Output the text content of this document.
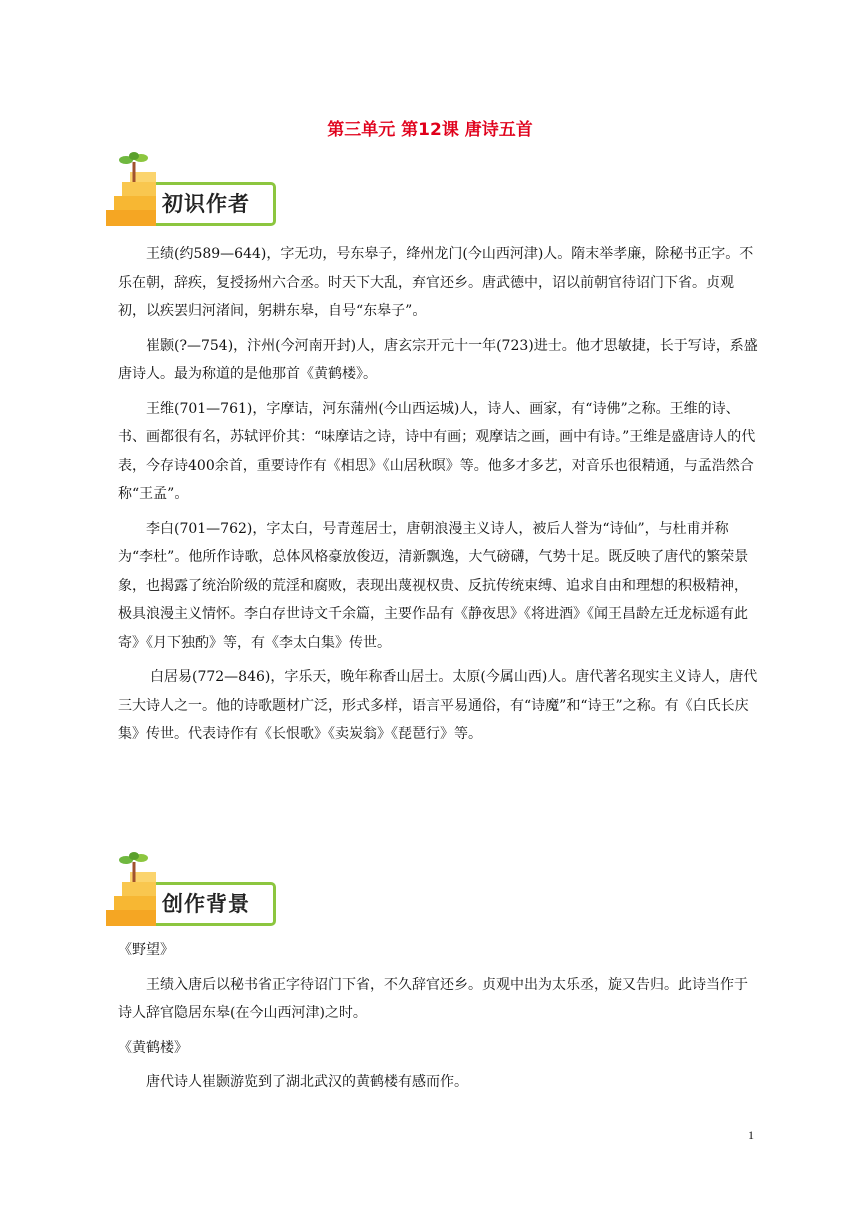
第三单元 第12课 唐诗五首
初识作者

王绩(约589—644)，字无功，号东皋子，绛州龙门(今山西河津)人。隋末举孝廉，除秘书正字。不乐在朝，辞疾，复授扬州六合丞。时天下大乱，弃官还乡。唐武德中，诏以前朝官待诏门下省。贞观初，以疾罢归河渚间，躬耕东皋，自号“东皋子”。

崔颢(?—754)，汴州(今河南开封)人，唐玄宗开元十一年(723)进士。他才思敏捷，长于写诗，系盛唐诗人。最为称道的是他那首《黄鹤楼》。

王维(701—761)，字摩诘，河东蒲州(今山西运城)人，诗人、画家，有“诗佛”之称。王维的诗、书、画都很有名，苏轼评价其：“味摩诘之诗，诗中有画；观摩诘之画，画中有诗。”王维是盛唐诗人的代表，今存诗400余首，重要诗作有《相思》《山居秋暝》等。他多才多艺，对音乐也很精通，与孟浩然合称“王孟”。

李白(701—762)，字太白，号青莲居士，唐朝浪漫主义诗人，被后人誉为“诗仙”，与杜甫并称为“李杜”。他所作诗歌，总体风格豪放俊迈，清新飘逸，大气磅礴，气势十足。既反映了唐代的繁荣景象，也揭露了统治阶级的荒淫和腐败，表现出蔑视权贵、反抗传统束缚、追求自由和理想的积极精神，极具浪漫主义情怀。李白存世诗文千余篇，主要作品有《静夜思》《将进酒》《闻王昌龄左迁龙标遥有此寄》《月下独酌》等，有《李太白集》传世。

白居易(772—846)，字乐天，晚年称香山居士。太原(今属山西)人。唐代著名现实主义诗人，唐代三大诗人之一。他的诗歌题材广泛，形式多样，语言平易通俗，有“诗魔”和“诗王”之称。有《白氏长庆集》传世。代表诗作有《长恨歌》《卖炭翁》《琵琶行》等。

创作背景

《野望》

王绩入唐后以秘书省正字待诏门下省，不久辞官还乡。贞观中出为太乐丞，旋又告归。此诗当作于诗人辞官隐居东皋(在今山西河津)之时。

《黄鹤楼》

唐代诗人崔颢游览到了湖北武汉的黄鹤楼有感而作。

1
